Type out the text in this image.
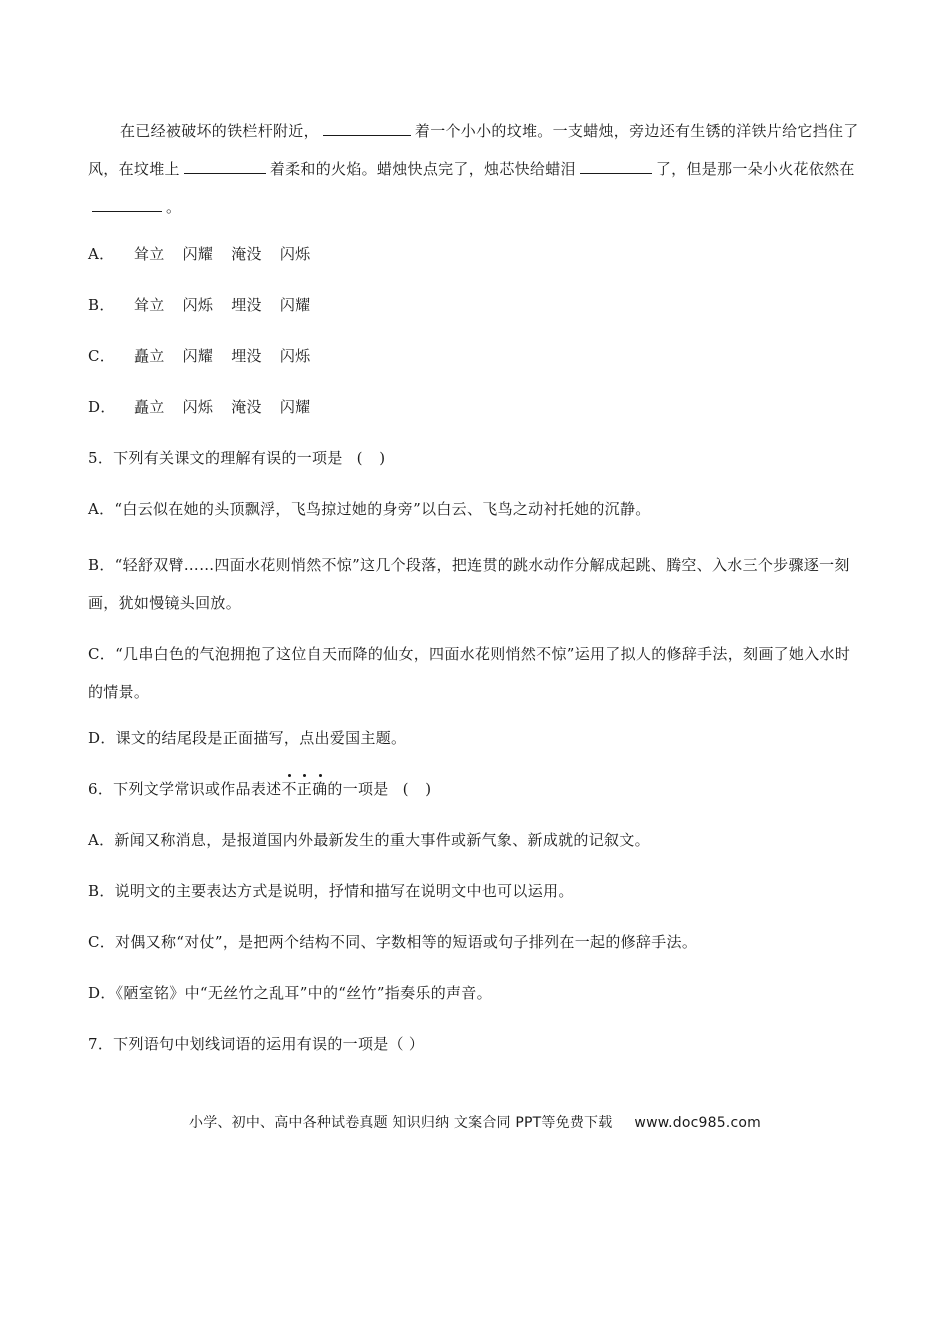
在已经被破坏的铁栏杆附近，	着一个小小的坟堆。一支蜡烛，旁边还有生锈的洋铁片给它挡住了风，在坟堆上	着柔和的火焰。蜡烛快点完了，烛芯快给蜡泪	了，但是那一朵小火花依然在。

A． 耸立 闪耀 淹没 闪烁

B． 耸立 闪烁 埋没 闪耀

C． 矗立 闪耀 埋没 闪烁

D． 矗立 闪烁 淹没 闪耀

5．下列有关课文的理解有误的一项是 ( )

A．“白云似在她的头顶飘浮，飞鸟掠过她的身旁”以白云、飞鸟之动衬托她的沉静。

B．“轻舒双臂……四面水花则悄然不惊”这几个段落，把连贯的跳水动作分解成起跳、腾空、入水三个步骤逐一刻画，犹如慢镜头回放。

C．“几串白色的气泡拥抱了这位自天而降的仙女，四面水花则悄然不惊”运用了拟人的修辞手法，刻画了她入水时的情景。

D．课文的结尾段是正面描写，点出爱国主题。

6．下列文学常识或作品表述不正确的一项是 ( )

A．新闻又称消息，是报道国内外最新发生的重大事件或新气象、新成就的记叙文。

B．说明文的主要表达方式是说明，抒情和描写在说明文中也可以运用。

C．对偶又称“对仗”，是把两个结构不同、字数相等的短语或句子排列在一起的修辞手法。

D．《陋室铭》中“无丝竹之乱耳”中的“丝竹”指奏乐的声音。

7．下列语句中划线词语的运用有误的一项是（ ）

小学、初中、高中各种试卷真题 知识归纳 文案合同 PPT等免费下载 www.doc985.com
